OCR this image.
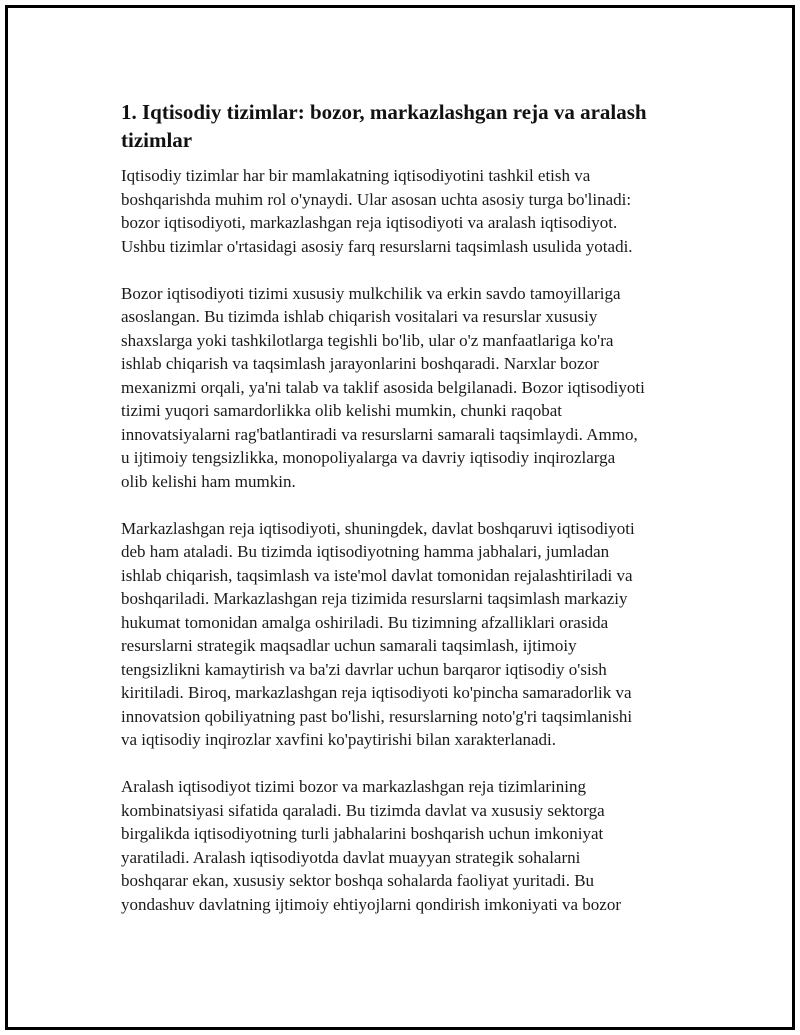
1. Iqtisodiy tizimlar: bozor, markazlashgan reja va aralash
tizimlar

Iqtisodiy tizimlar har bir mamlakatning iqtisodiyotini tashkil etish va
boshqarishda muhim rol o'ynaydi. Ular asosan uchta asosiy turga bo'linadi:
bozor iqtisodiyoti, markazlashgan reja iqtisodiyoti va aralash iqtisodiyot.
Ushbu tizimlar o'rtasidagi asosiy farq resurslarni taqsimlash usulida yotadi.

Bozor iqtisodiyoti tizimi xususiy mulkchilik va erkin savdo tamoyillariga
asoslangan. Bu tizimda ishlab chiqarish vositalari va resurslar xususiy
shaxslarga yoki tashkilotlarga tegishli bo'lib, ular o'z manfaatlariga ko'ra
ishlab chiqarish va taqsimlash jarayonlarini boshqaradi. Narxlar bozor
mexanizmi orqali, ya'ni talab va taklif asosida belgilanadi. Bozor iqtisodiyoti
tizimi yuqori samardorlikka olib kelishi mumkin, chunki raqobat
innovatsiyalarni rag'batlantiradi va resurslarni samarali taqsimlaydi. Ammo,
u ijtimoiy tengsizlikka, monopoliyalarga va davriy iqtisodiy inqirozlarga
olib kelishi ham mumkin.

Markazlashgan reja iqtisodiyoti, shuningdek, davlat boshqaruvi iqtisodiyoti
deb ham ataladi. Bu tizimda iqtisodiyotning hamma jabhalari, jumladan
ishlab chiqarish, taqsimlash va iste'mol davlat tomonidan rejalashtiriladi va
boshqariladi. Markazlashgan reja tizimida resurslarni taqsimlash markaziy
hukumat tomonidan amalga oshiriladi. Bu tizimning afzalliklari orasida
resurslarni strategik maqsadlar uchun samarali taqsimlash, ijtimoiy
tengsizlikni kamaytirish va ba'zi davrlar uchun barqaror iqtisodiy o'sish
kiritiladi. Biroq, markazlashgan reja iqtisodiyoti ko'pincha samaradorlik va
innovatsion qobiliyatning past bo'lishi, resurslarning noto'g'ri taqsimlanishi
va iqtisodiy inqirozlar xavfini ko'paytirishi bilan xarakterlanadi.

Aralash iqtisodiyot tizimi bozor va markazlashgan reja tizimlarining
kombinatsiyasi sifatida qaraladi. Bu tizimda davlat va xususiy sektorga
birgalikda iqtisodiyotning turli jabhalarini boshqarish uchun imkoniyat
yaratiladi. Aralash iqtisodiyotda davlat muayyan strategik sohalarni
boshqarar ekan, xususiy sektor boshqa sohalarda faoliyat yuritadi. Bu
yondashuv davlatning ijtimoiy ehtiyojlarni qondirish imkoniyati va bozor
